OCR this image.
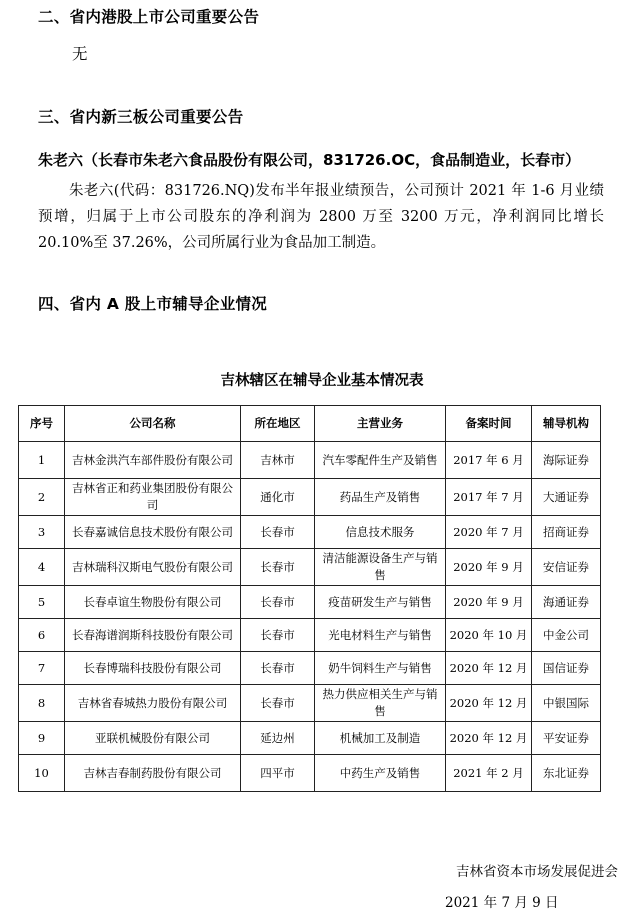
二、省内港股上市公司重要公告
无
三、省内新三板公司重要公告
朱老六（长春市朱老六食品股份有限公司，831726.OC，食品制造业，长春市）

朱老六(代码：831726.NQ)发布半年报业绩预告，公司预计 2021 年 1-6 月业绩预增，归属于上市公司股东的净利润为 2800 万至 3200 万元，净利润同比增长 20.10%至 37.26%，公司所属行业为食品加工制造。

四、省内 A 股上市辅导企业情况
吉林辖区在辅导企业基本情况表
序号	公司名称	所在地区	主营业务	备案时间	辅导机构
1	吉林金洪汽车部件股份有限公司	吉林市	汽车零配件生产及销售	2017 年 6 月	海际证券
2	吉林省正和药业集团股份有限公司	通化市	药品生产及销售	2017 年 7 月	大通证券
3	长春嘉诚信息技术股份有限公司	长春市	信息技术服务	2020 年 7 月	招商证券
4	吉林瑞科汉斯电气股份有限公司	长春市	清洁能源设备生产与销售	2020 年 9 月	安信证券
5	长春卓谊生物股份有限公司	长春市	疫苗研发生产与销售	2020 年 9 月	海通证券
6	长春海谱润斯科技股份有限公司	长春市	光电材料生产与销售	2020 年 10 月	中金公司
7	长春博瑞科技股份有限公司	长春市	奶牛饲料生产与销售	2020 年 12 月	国信证券
8	吉林省春城热力股份有限公司	长春市	热力供应相关生产与销售	2020 年 12 月	中银国际
9	亚联机械股份有限公司	延边州	机械加工及制造	2020 年 12 月	平安证券
10	吉林吉春制药股份有限公司	四平市	中药生产及销售	2021 年 2 月	东北证券
吉林省资本市场发展促进会
2021 年 7 月 9 日
